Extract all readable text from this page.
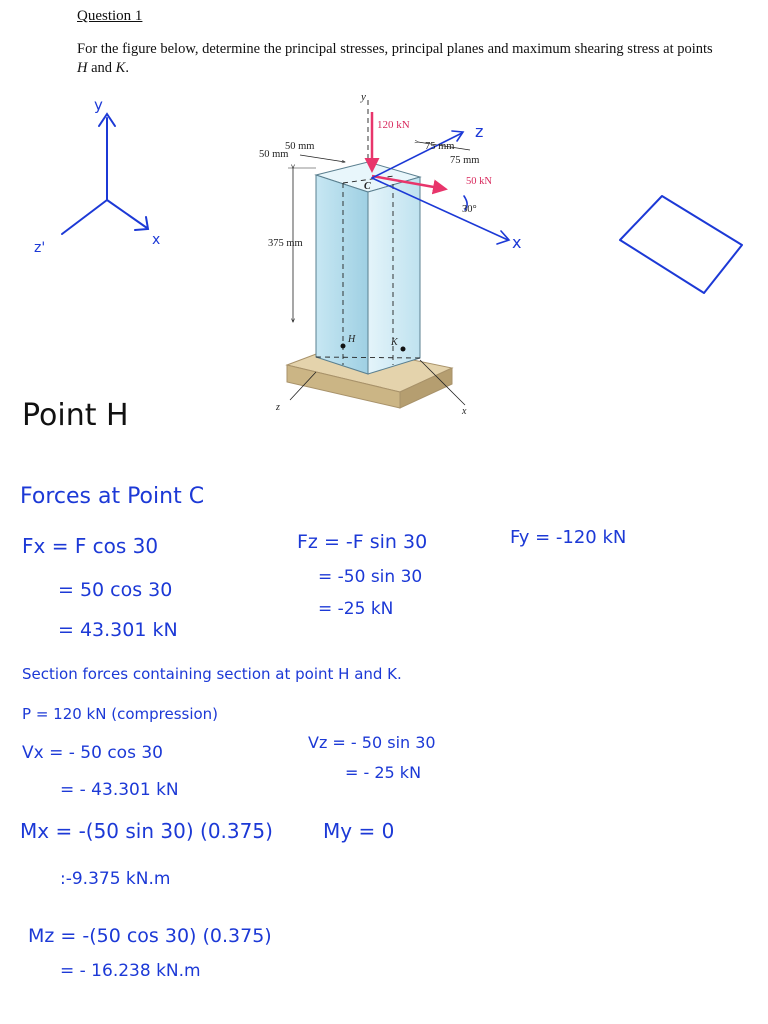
Question 1
For the figure below, determine the principal stresses, principal planes and maximum shearing stress at points H and K.
y
x
z'
y
120 kN
50 mm
50 mm
75 mm
75 mm
50 kN
30°
375 mm
C
H	K
z	x
z
x
Point H
Forces at Point C
Fx = F cos 30
= 50 cos 30
= 43.301 kN
Fz = -F sin 30
= -50 sin 30
= -25 kN
Fy = -120 kN
Section forces containing section at point H and K.
P = 120 kN (compression)
Vx = - 50 cos 30
= - 43.301 kN
Vz = - 50 sin 30
= - 25 kN
Mx = -(50 sin 30) (0.375)
:-9.375 kN.m
My = 0
Mz = -(50 cos 30) (0.375)
= - 16.238 kN.m
